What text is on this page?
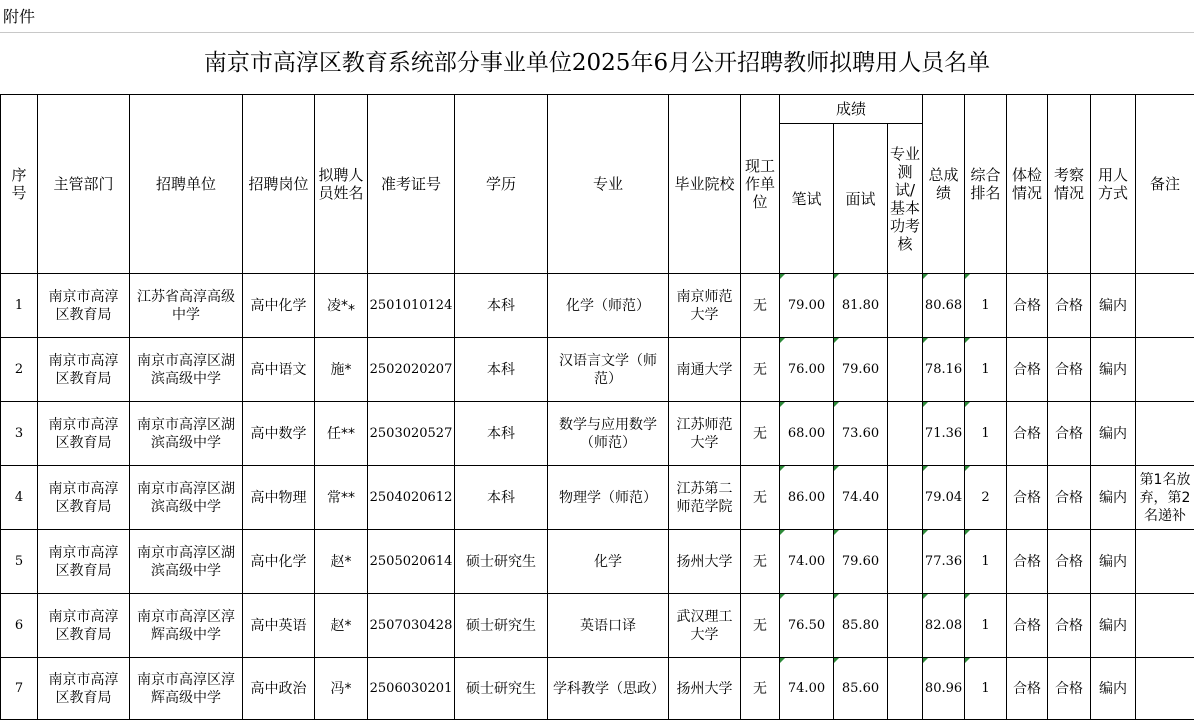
附件
南京市高淳区教育系统部分事业单位2025年6月公开招聘教师拟聘用人员名单
序号	主管部门	招聘单位	招聘岗位	拟聘人员姓名	准考证号	学历	专业	毕业院校	现工作单位	成绩			总成绩	综合排名	体检情况	考察情况	用人方式	备注
										笔试	面试	专业测试/基本功考核						
1	南京市高淳区教育局	江苏省高淳高级中学	高中化学	凌*⁎	2501010124	本科	化学（师范）	南京师范大学	无	79.00	81.80		80.68	1	合格	合格	编内	
2	南京市高淳区教育局	南京市高淳区湖滨高级中学	高中语文	施*	2502020207	本科	汉语言文学（师范）	南通大学	无	76.00	79.60		78.16	1	合格	合格	编内	
3	南京市高淳区教育局	南京市高淳区湖滨高级中学	高中数学	任**	2503020527	本科	数学与应用数学（师范）	江苏师范大学	无	68.00	73.60		71.36	1	合格	合格	编内	
4	南京市高淳区教育局	南京市高淳区湖滨高级中学	高中物理	常**	2504020612	本科	物理学（师范）	江苏第二师范学院	无	86.00	74.40		79.04	2	合格	合格	编内	第1名放弃，第2名递补
5	南京市高淳区教育局	南京市高淳区湖滨高级中学	高中化学	赵*	2505020614	硕士研究生	化学	扬州大学	无	74.00	79.60		77.36	1	合格	合格	编内	
6	南京市高淳区教育局	南京市高淳区淳辉高级中学	高中英语	赵*	2507030428	硕士研究生	英语口译	武汉理工大学	无	76.50	85.80		82.08	1	合格	合格	编内	
7	南京市高淳区教育局	南京市高淳区淳辉高级中学	高中政治	冯*	2506030201	硕士研究生	学科教学（思政）	扬州大学	无	74.00	85.60		80.96	1	合格	合格	编内	
